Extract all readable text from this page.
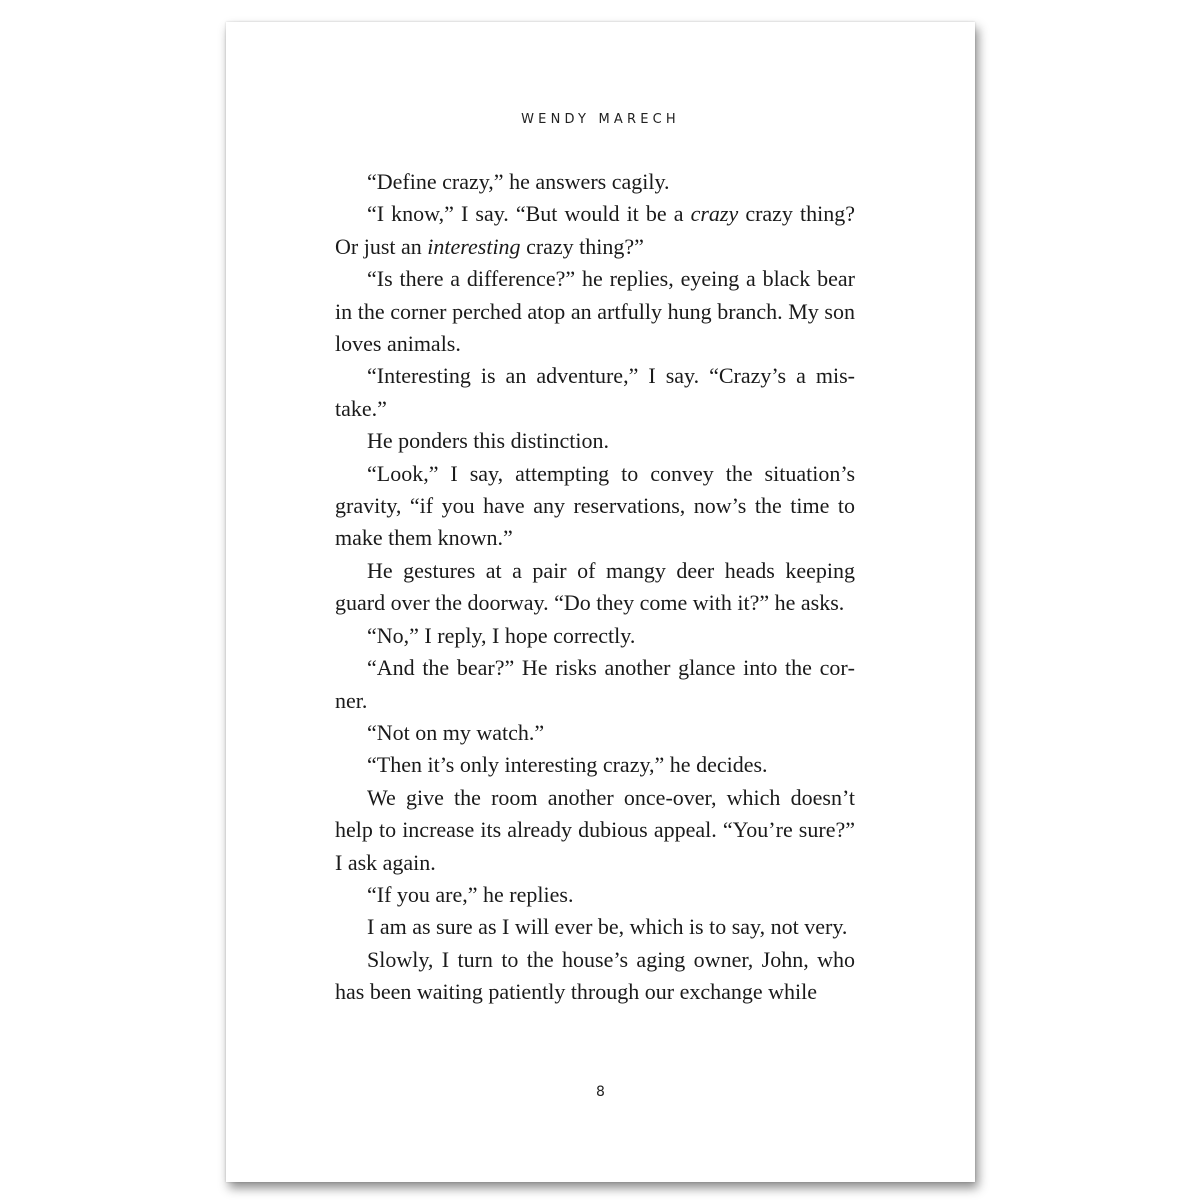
WENDY MARECH

“Define crazy,” he answers cagily.

“I know,” I say. “But would it be a crazy crazy thing? Or just an interesting crazy thing?”

“Is there a difference?” he replies, eyeing a black bear in the corner perched atop an artfully hung branch. My son loves animals.

“Interesting is an adventure,” I say. “Crazy’s a mistake.”

He ponders this distinction.

“Look,” I say, attempting to convey the situation’s gravity, “if you have any reservations, now’s the time to make them known.”

He gestures at a pair of mangy deer heads keeping guard over the doorway. “Do they come with it?” he asks.

“No,” I reply, I hope correctly.

“And the bear?” He risks another glance into the corner.

“Not on my watch.”

“Then it’s only interesting crazy,” he decides.

We give the room another once-over, which doesn’t help to increase its already dubious appeal. “You’re sure?” I ask again.

“If you are,” he replies.

I am as sure as I will ever be, which is to say, not very.

Slowly, I turn to the house’s aging owner, John, who has been waiting patiently through our exchange while

8
